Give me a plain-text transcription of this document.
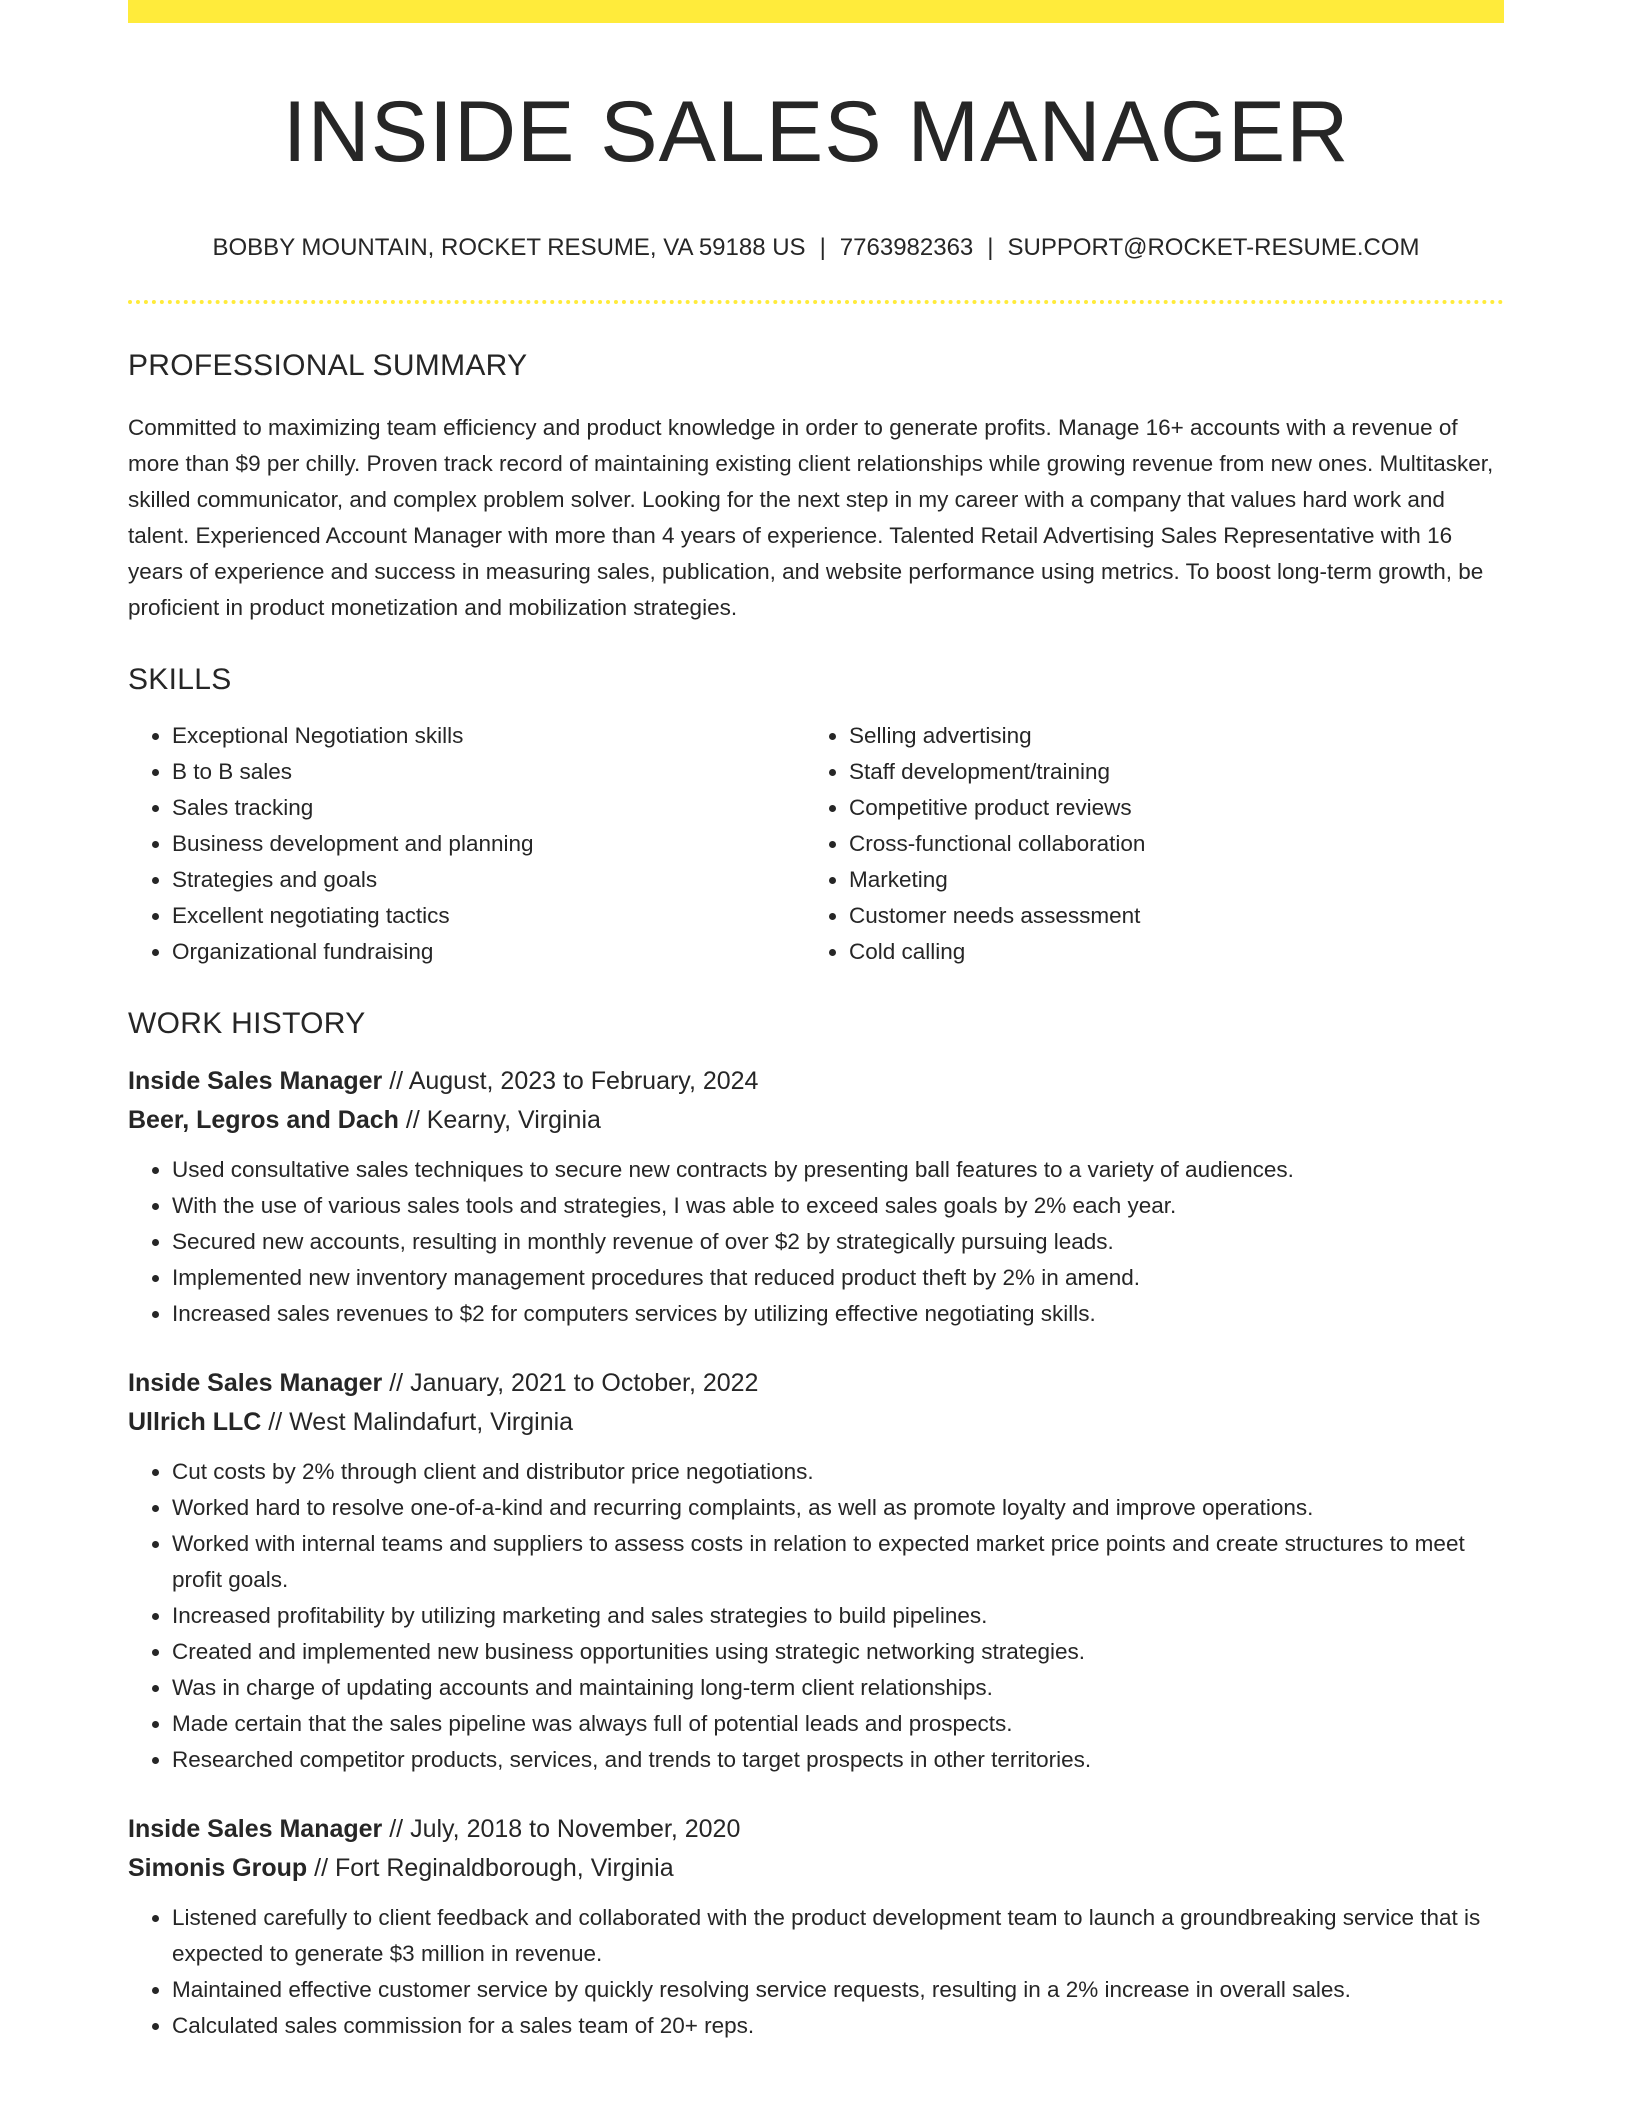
INSIDE SALES MANAGER
BOBBY MOUNTAIN, ROCKET RESUME, VA 59188 US | 7763982363 | SUPPORT@ROCKET-RESUME.COM
PROFESSIONAL SUMMARY
Committed to maximizing team efficiency and product knowledge in order to generate profits. Manage 16+ accounts with a revenue of more than $9 per chilly. Proven track record of maintaining existing client relationships while growing revenue from new ones. Multitasker, skilled communicator, and complex problem solver. Looking for the next step in my career with a company that values hard work and talent. Experienced Account Manager with more than 4 years of experience. Talented Retail Advertising Sales Representative with 16 years of experience and success in measuring sales, publication, and website performance using metrics. To boost long-term growth, be proficient in product monetization and mobilization strategies.
SKILLS
• Exceptional Negotiation skills
• B to B sales
• Sales tracking
• Business development and planning
• Strategies and goals
• Excellent negotiating tactics
• Organizational fundraising
• Selling advertising
• Staff development/training
• Competitive product reviews
• Cross-functional collaboration
• Marketing
• Customer needs assessment
• Cold calling
WORK HISTORY
Inside Sales Manager // August, 2023 to February, 2024
Beer, Legros and Dach // Kearny, Virginia
• Used consultative sales techniques to secure new contracts by presenting ball features to a variety of audiences.
• With the use of various sales tools and strategies, I was able to exceed sales goals by 2% each year.
• Secured new accounts, resulting in monthly revenue of over $2 by strategically pursuing leads.
• Implemented new inventory management procedures that reduced product theft by 2% in amend.
• Increased sales revenues to $2 for computers services by utilizing effective negotiating skills.
Inside Sales Manager // January, 2021 to October, 2022
Ullrich LLC // West Malindafurt, Virginia
• Cut costs by 2% through client and distributor price negotiations.
• Worked hard to resolve one-of-a-kind and recurring complaints, as well as promote loyalty and improve operations.
• Worked with internal teams and suppliers to assess costs in relation to expected market price points and create structures to meet profit goals.
• Increased profitability by utilizing marketing and sales strategies to build pipelines.
• Created and implemented new business opportunities using strategic networking strategies.
• Was in charge of updating accounts and maintaining long-term client relationships.
• Made certain that the sales pipeline was always full of potential leads and prospects.
• Researched competitor products, services, and trends to target prospects in other territories.
Inside Sales Manager // July, 2018 to November, 2020
Simonis Group // Fort Reginaldborough, Virginia
• Listened carefully to client feedback and collaborated with the product development team to launch a groundbreaking service that is expected to generate $3 million in revenue.
• Maintained effective customer service by quickly resolving service requests, resulting in a 2% increase in overall sales.
• Calculated sales commission for a sales team of 20+ reps.
